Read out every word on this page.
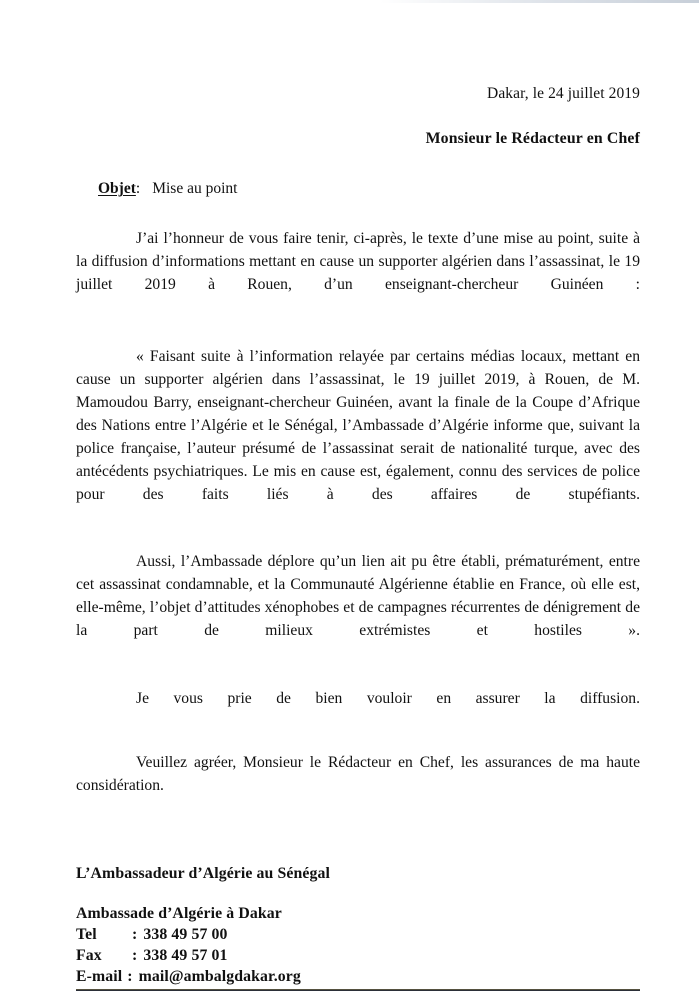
Dakar, le 24 juillet 2019
Monsieur le Rédacteur en Chef
Objet: Mise au point

J’ai l’honneur de vous faire tenir, ci-après, le texte d’une mise au point, suite à la diffusion d’informations mettant en cause un supporter algérien dans l’assassinat, le 19 juillet 2019 à Rouen, d’un enseignant-chercheur Guinéen :

« Faisant suite à l’information relayée par certains médias locaux, mettant en cause un supporter algérien dans l’assassinat, le 19 juillet 2019, à Rouen, de M. Mamoudou Barry, enseignant-chercheur Guinéen, avant la finale de la Coupe d’Afrique des Nations entre l’Algérie et le Sénégal, l’Ambassade d’Algérie informe que, suivant la police française, l’auteur présumé de l’assassinat serait de nationalité turque, avec des antécédents psychiatriques. Le mis en cause est, également, connu des services de police pour des faits liés à des affaires de stupéfiants.

Aussi, l’Ambassade déplore qu’un lien ait pu être établi, prématurément, entre cet assassinat condamnable, et la Communauté Algérienne établie en France, où elle est, elle-même, l’objet d’attitudes xénophobes et de campagnes récurrentes de dénigrement de la part de milieux extrémistes et hostiles ».

Je vous prie de bien vouloir en assurer la diffusion.

Veuillez agréer, Monsieur le Rédacteur en Chef, les assurances de ma haute considération.

L’Ambassadeur d’Algérie au Sénégal
Ambassade d’Algérie à Dakar
Tel	: 338 49 57 00
Fax	: 338 49 57 01
E-mail : mail@ambalgdakar.org
